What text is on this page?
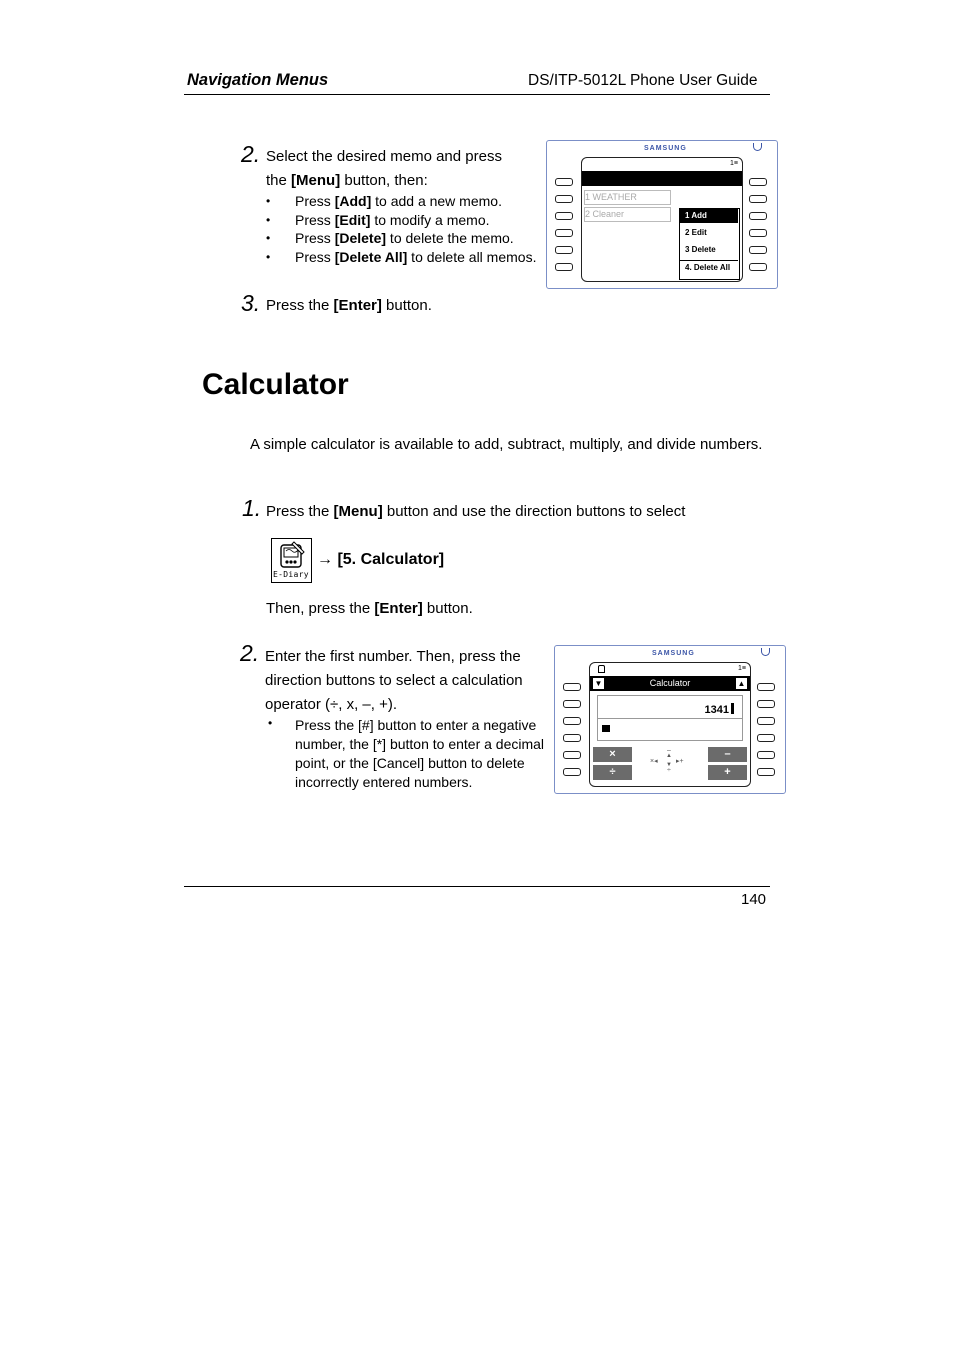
Navigation Menus	DS/ITP-5012L Phone User Guide
2. Select the desired memo and press
the [Menu] button, then:
• Press [Add] to add a new memo.
• Press [Edit] to modify a memo.
• Press [Delete] to delete the memo.
• Press [Delete All] to delete all memos.
3. Press the [Enter] button.
SAMSUNG
1≡
1 WEATHER
2 Cleaner	1 Add
2 Edit
3 Delete
4. Delete All
Calculator
A simple calculator is available to add, subtract, multiply, and divide numbers.
1. Press the [Menu] button and use the direction buttons to select
E-Diary
→ [5. Calculator]
Then, press the [Enter] button.
2. Enter the first number. Then, press the
direction buttons to select a calculation
operator (÷, x, –, +).
• Press the [#] button to enter a negative
number, the [*] button to enter a decimal
point, or the [Cancel] button to delete
incorrectly entered numbers.
SAMSUNG
1≡
▼	Calculator	▲
1341
×	–
÷	+
×◂	▸+
–
÷
▲
▼
140
